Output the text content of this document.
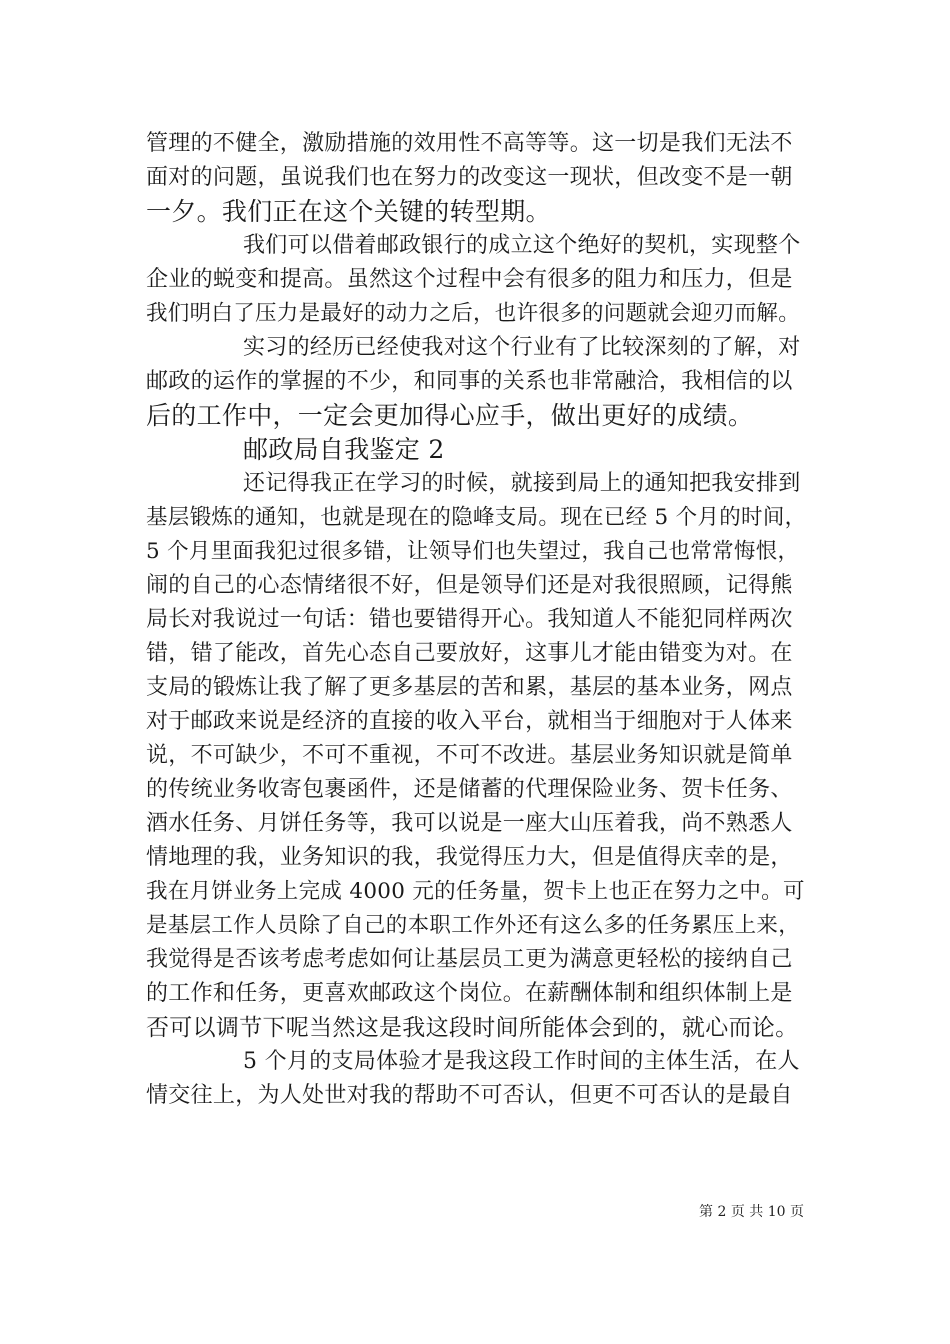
管理的不健全，激励措施的效用性不高等等。这一切是我们无法不
面对的问题，虽说我们也在努力的改变这一现状，但改变不是一朝
一夕。我们正在这个关键的转型期。
我们可以借着邮政银行的成立这个绝好的契机，实现整个
企业的蜕变和提高。虽然这个过程中会有很多的阻力和压力，但是
我们明白了压力是最好的动力之后，也许很多的问题就会迎刃而解。
实习的经历已经使我对这个行业有了比较深刻的了解，对
邮政的运作的掌握的不少，和同事的关系也非常融洽，我相信的以
后的工作中，一定会更加得心应手，做出更好的成绩。
邮政局自我鉴定 2
还记得我正在学习的时候，就接到局上的通知把我安排到
基层锻炼的通知，也就是现在的隐峰支局。现在已经 5 个月的时间，
5 个月里面我犯过很多错，让领导们也失望过，我自己也常常悔恨，
闹的自己的心态情绪很不好，但是领导们还是对我很照顾，记得熊
局长对我说过一句话：错也要错得开心。我知道人不能犯同样两次
错，错了能改，首先心态自己要放好，这事儿才能由错变为对。在
支局的锻炼让我了解了更多基层的苦和累，基层的基本业务，网点
对于邮政来说是经济的直接的收入平台，就相当于细胞对于人体来
说，不可缺少，不可不重视，不可不改进。基层业务知识就是简单
的传统业务收寄包裹函件，还是储蓄的代理保险业务、贺卡任务、
酒水任务、月饼任务等，我可以说是一座大山压着我，尚不熟悉人
情地理的我，业务知识的我，我觉得压力大，但是值得庆幸的是，
我在月饼业务上完成 4000 元的任务量，贺卡上也正在努力之中。可
是基层工作人员除了自己的本职工作外还有这么多的任务累压上来，
我觉得是否该考虑考虑如何让基层员工更为满意更轻松的接纳自己
的工作和任务，更喜欢邮政这个岗位。在薪酬体制和组织体制上是
否可以调节下呢当然这是我这段时间所能体会到的，就心而论。
5 个月的支局体验才是我这段工作时间的主体生活，在人
情交往上，为人处世对我的帮助不可否认，但更不可否认的是最自
第 2 页 共 10 页
